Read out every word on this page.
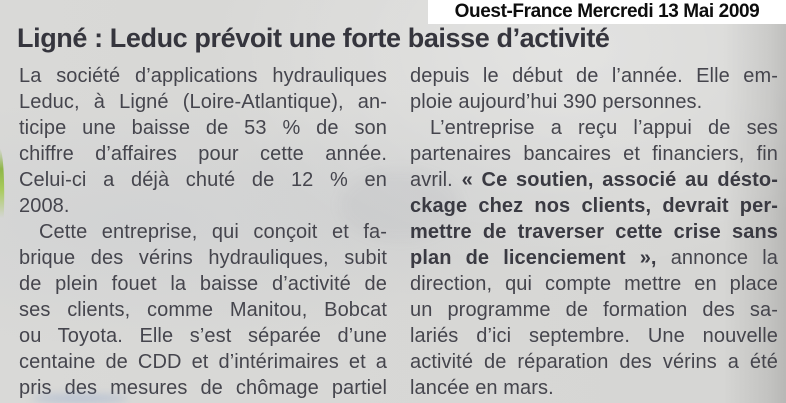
Ouest-France Mercredi 13 Mai 2009
Ligné : Leduc prévoit une forte baisse d’activité
La société d’applications hydrauliques
Leduc, à Ligné (Loire-Atlantique), an-
ticipe une baisse de 53 % de son
chiffre d’affaires pour cette année.
Celui-ci a déjà chuté de 12 % en
2008.
Cette entreprise, qui conçoit et fa-
brique des vérins hydrauliques, subit
de plein fouet la baisse d’activité de
ses clients, comme Manitou, Bobcat
ou Toyota. Elle s’est séparée d’une
centaine de CDD et d’intérimaires et a
pris des mesures de chômage partiel
depuis le début de l’année. Elle em-
ploie aujourd’hui 390 personnes.
L’entreprise a reçu l’appui de ses
partenaires bancaires et financiers, fin
avril. « Ce soutien, associé au désto-
ckage chez nos clients, devrait per-
mettre de traverser cette crise sans
plan de licenciement », annonce la
direction, qui compte mettre en place
un programme de formation des sa-
lariés d’ici septembre. Une nouvelle
activité de réparation des vérins a été
lancée en mars.
